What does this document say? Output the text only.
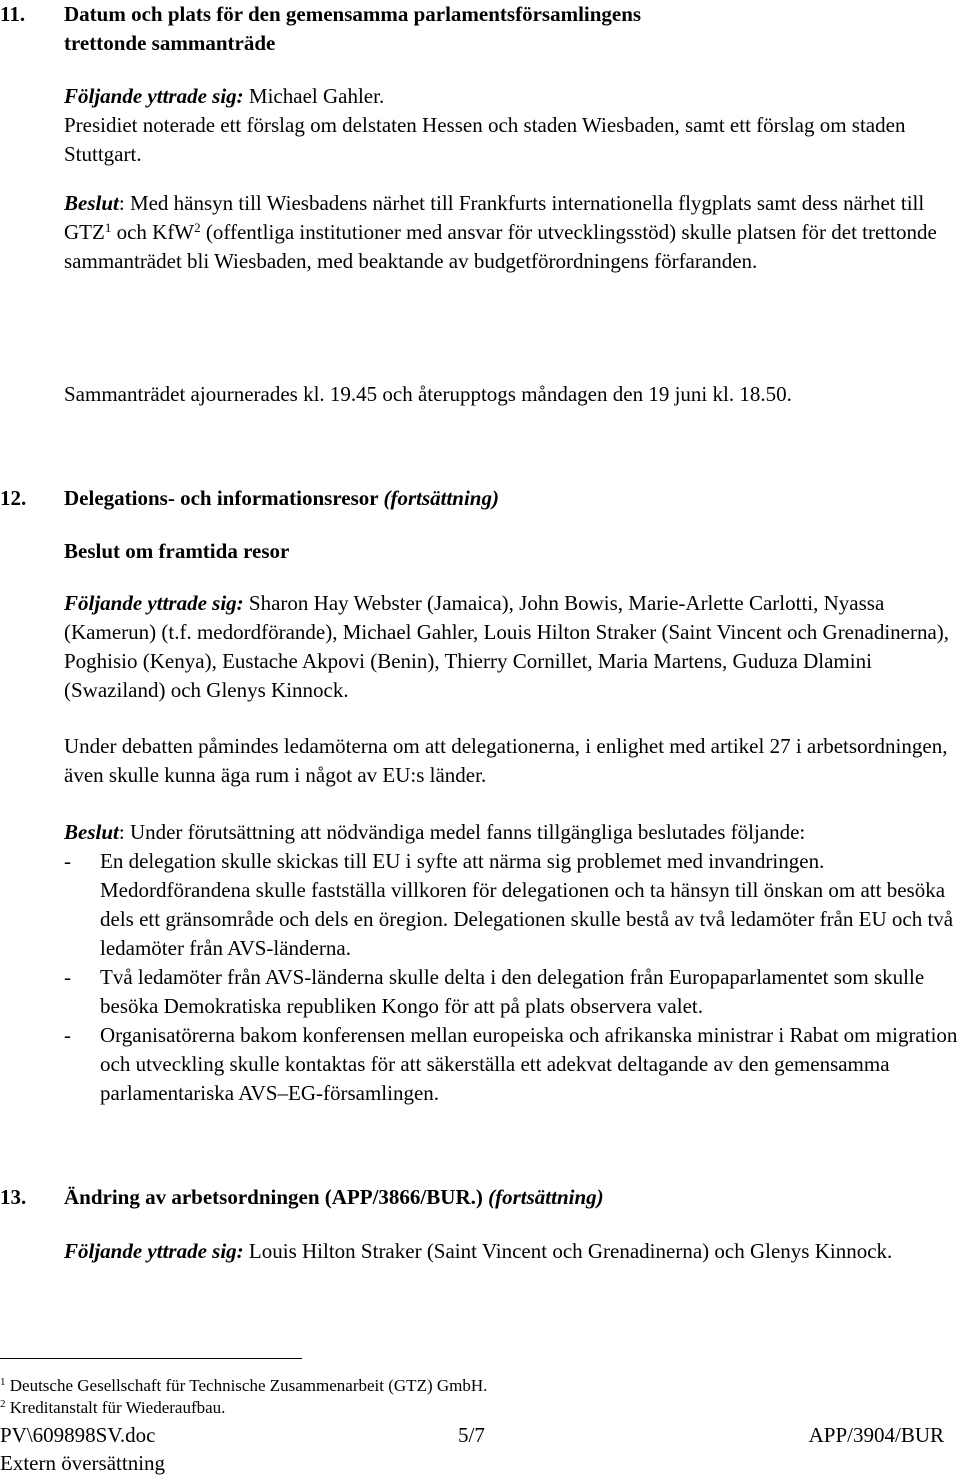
11. Datum och plats för den gemensamma parlamentsförsamlingens
trettonde sammanträde
Följande yttrade sig: Michael Gahler.
Presidiet noterade ett förslag om delstaten Hessen och staden Wiesbaden, samt ett förslag om staden Stuttgart.
Beslut: Med hänsyn till Wiesbadens närhet till Frankfurts internationella flygplats samt dess närhet till GTZ$^1$ och KfW$^2$ (offentliga institutioner med ansvar för utvecklingsstöd) skulle platsen för det trettonde sammanträdet bli Wiesbaden, med beaktande av budgetförordningens förfaranden.
Sammanträdet ajournerades kl. 19.45 och återupptogs måndagen den 19 juni kl. 18.50.
12. Delegations- och informationsresor (fortsättning)
Beslut om framtida resor
Följande yttrade sig: Sharon Hay Webster (Jamaica), John Bowis, Marie-Arlette Carlotti, Nyassa (Kamerun) (t.f. medordförande), Michael Gahler, Louis Hilton Straker (Saint Vincent och Grenadinerna), Poghisio (Kenya), Eustache Akpovi (Benin), Thierry Cornillet, Maria Martens, Guduza Dlamini (Swaziland) och Glenys Kinnock.
Under debatten påmindes ledamöterna om att delegationerna, i enlighet med artikel 27 i arbetsordningen, även skulle kunna äga rum i något av EU:s länder.
Beslut: Under förutsättning att nödvändiga medel fanns tillgängliga beslutades följande:
- En delegation skulle skickas till EU i syfte att närma sig problemet med invandringen. Medordförandena skulle fastställa villkoren för delegationen och ta hänsyn till önskan om att besöka dels ett gränsområde och dels en öregion. Delegationen skulle bestå av två ledamöter från EU och två ledamöter från AVS-länderna.
- Två ledamöter från AVS-länderna skulle delta i den delegation från Europaparlamentet som skulle besöka Demokratiska republiken Kongo för att på plats observera valet.
- Organisatörerna bakom konferensen mellan europeiska och afrikanska ministrar i Rabat om migration och utveckling skulle kontaktas för att säkerställa ett adekvat deltagande av den gemensamma parlamentariska AVS–EG-församlingen.
13. Ändring av arbetsordningen (APP/3866/BUR.) (fortsättning)
Följande yttrade sig: Louis Hilton Straker (Saint Vincent och Grenadinerna) och Glenys Kinnock.
$^1$ Deutsche Gesellschaft für Technische Zusammenarbeit (GTZ) GmbH.
$^2$ Kreditanstalt für Wiederaufbau.
PV\609898SV.doc	5/7	APP/3904/BUR
Extern översättning
